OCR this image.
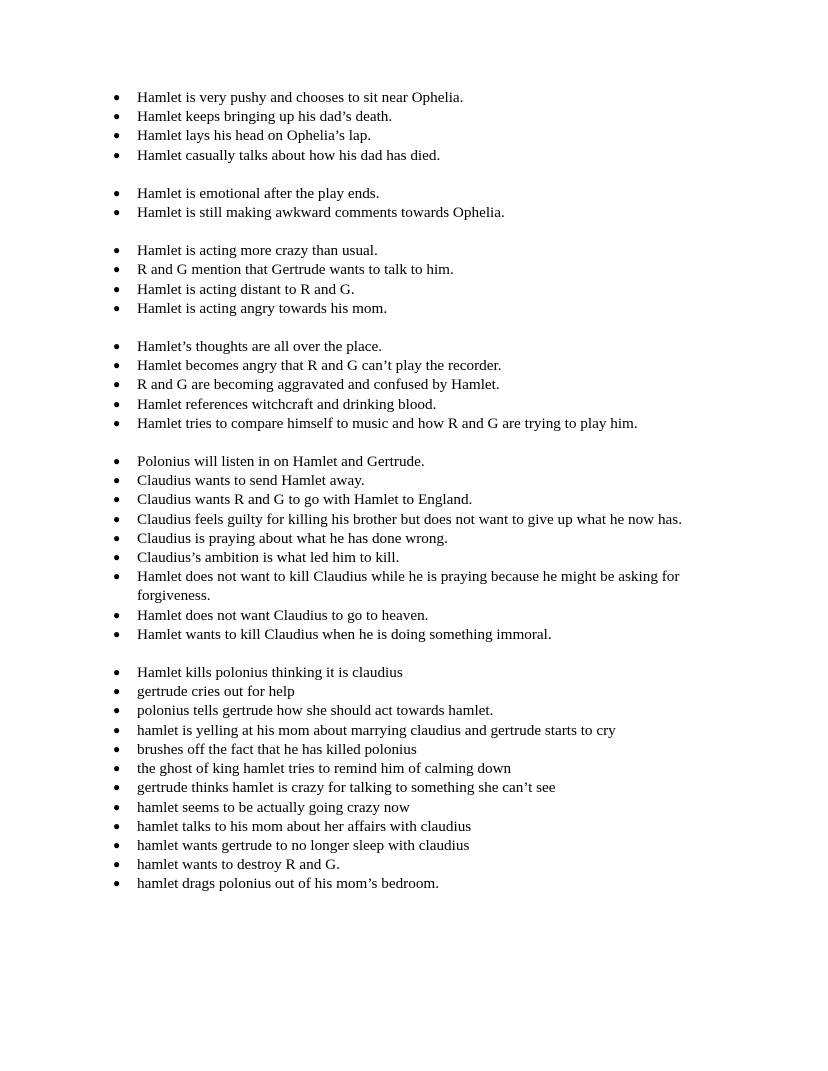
●	Hamlet is very pushy and chooses to sit near Ophelia.
●	Hamlet keeps bringing up his dad’s death.
●	Hamlet lays his head on Ophelia’s lap.
●	Hamlet casually talks about how his dad has died.
●	Hamlet is emotional after the play ends.
●	Hamlet is still making awkward comments towards Ophelia.
●	Hamlet is acting more crazy than usual.
●	R and G mention that Gertrude wants to talk to him.
●	Hamlet is acting distant to R and G.
●	Hamlet is acting angry towards his mom.
●	Hamlet’s thoughts are all over the place.
●	Hamlet becomes angry that R and G can’t play the recorder.
●	R and G are becoming aggravated and confused by Hamlet.
●	Hamlet references witchcraft and drinking blood.
●	Hamlet tries to compare himself to music and how R and G are trying to play him.
●	Polonius will listen in on Hamlet and Gertrude.
●	Claudius wants to send Hamlet away.
●	Claudius wants R and G to go with Hamlet to England.
●	Claudius feels guilty for killing his brother but does not want to give up what he now has.
●	Claudius is praying about what he has done wrong.
●	Claudius’s ambition is what led him to kill.
●	Hamlet does not want to kill Claudius while he is praying because he might be asking for forgiveness.
●	Hamlet does not want Claudius to go to heaven.
●	Hamlet wants to kill Claudius when he is doing something immoral.
●	Hamlet kills polonius thinking it is claudius
●	gertrude cries out for help
●	polonius tells gertrude how she should act towards hamlet.
●	hamlet is yelling at his mom about marrying claudius and gertrude starts to cry
●	brushes off the fact that he has killed polonius
●	the ghost of king hamlet tries to remind him of calming down
●	gertrude thinks hamlet is crazy for talking to something she can’t see
●	hamlet seems to be actually going crazy now
●	hamlet talks to his mom about her affairs with claudius
●	hamlet wants gertrude to no longer sleep with claudius
●	hamlet wants to destroy R and G.
●	hamlet drags polonius out of his mom’s bedroom.
